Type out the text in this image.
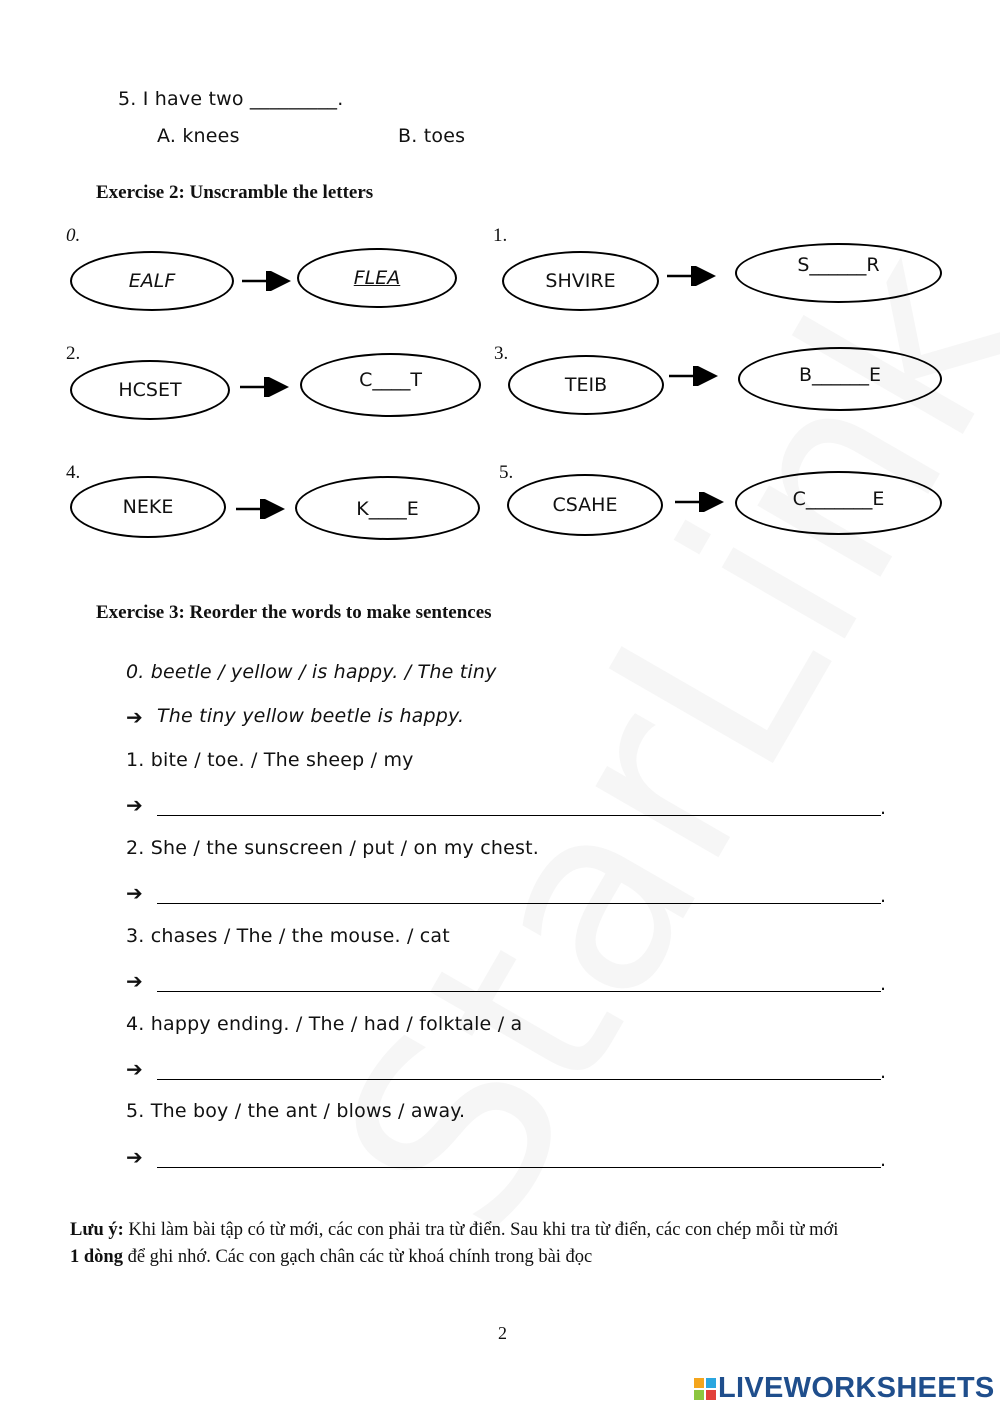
5. I have two _________.
A. knees	B. toes
Exercise 2: Unscramble the letters
0.
EALF	FLEA
1.
SHVIRE
S______R
2.
HCSET	C____T
3.
TEIB	B______E
4.
NEKE	K____E
5.
CSAHE	C_______E
Exercise 3: Reorder the words to make sentences
0. beetle / yellow / is happy. / The tiny
➔ The tiny yellow beetle is happy.
1. bite / toe. / The sheep / my
➔	.
2. She / the sunscreen / put / on my chest.
➔	.
3. chases / The / the mouse. / cat
➔	.
4. happy ending. / The / had / folktale / a
➔	.
5. The boy / the ant / blows / away.
➔	.
Lưu ý: Khi làm bài tập có từ mới, các con phải tra từ điển. Sau khi tra từ điển, các con chép mỗi từ mới
1 dòng để ghi nhớ. Các con gạch chân các từ khoá chính trong bài đọc
2
LIVEWORKSHEETS
